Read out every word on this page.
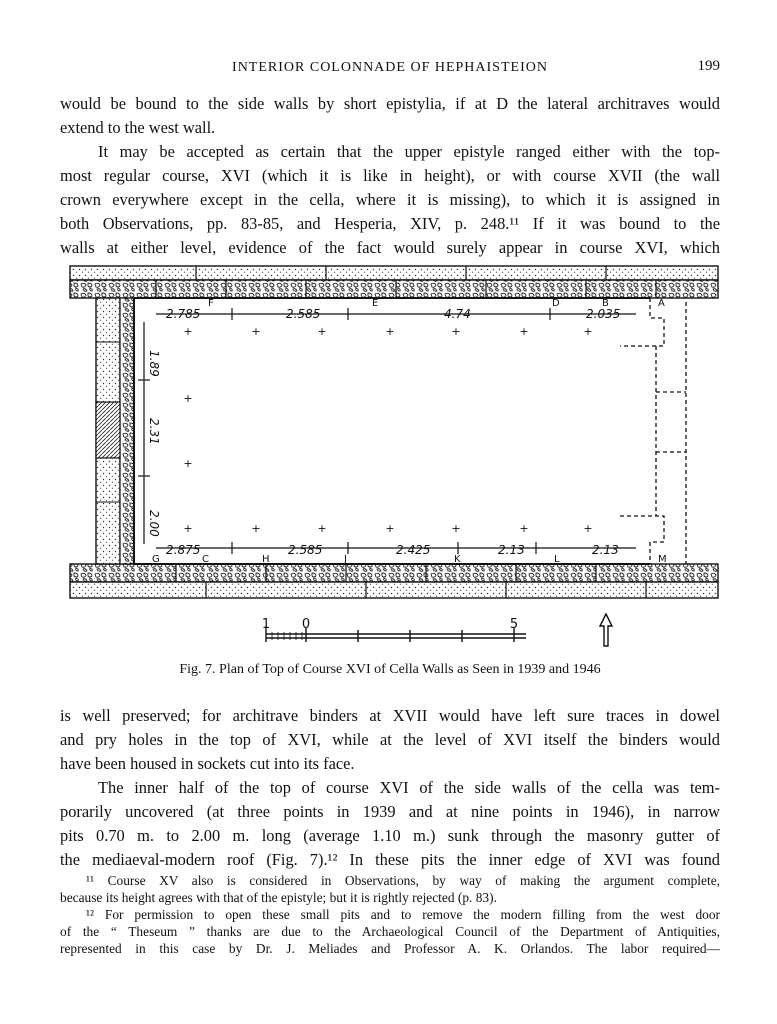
INTERIOR COLONNADE OF HEPHAISTEION	199
would be bound to the side walls by short epistylia, if at D the lateral architraves would
extend to the west wall.
It may be accepted as certain that the upper epistyle ranged either with the top-
most regular course, XVI (which it is like in height), or with course XVII (the wall
crown everywhere except in the cella, where it is missing), to which it is assigned in
both Observations, pp. 83-85, and Hesperia, XIV, p. 248.¹¹ If it was bound to the
walls at either level, evidence of the fact would surely appear in course XVI, which
+	+	+	+	+	+	+
+
+
+	+	+	+	+	+	+
2.785	2.585	4.74	2.035
2.875	2.585	2.425	2.13	2.13
1.89
2.31
2.00
F	E	D	B	A
G	C	H	J	K	L	M
1 0	5
Fig. 7. Plan of Top of Course XVI of Cella Walls as Seen in 1939 and 1946
is well preserved; for architrave binders at XVII would have left sure traces in dowel
and pry holes in the top of XVI, while at the level of XVI itself the binders would
have been housed in sockets cut into its face.
The inner half of the top of course XVI of the side walls of the cella was tem-
porarily uncovered (at three points in 1939 and at nine points in 1946), in narrow
pits 0.70 m. to 2.00 m. long (average 1.10 m.) sunk through the masonry gutter of
the mediaeval-modern roof (Fig. 7).¹² In these pits the inner edge of XVI was found
¹¹ Course XV also is considered in Observations, by way of making the argument complete,
because its height agrees with that of the epistyle; but it is rightly rejected (p. 83).
¹² For permission to open these small pits and to remove the modern filling from the west door
of the “ Theseum ” thanks are due to the Archaeological Council of the Department of Antiquities,
represented in this case by Dr. J. Meliades and Professor A. K. Orlandos. The labor required—
